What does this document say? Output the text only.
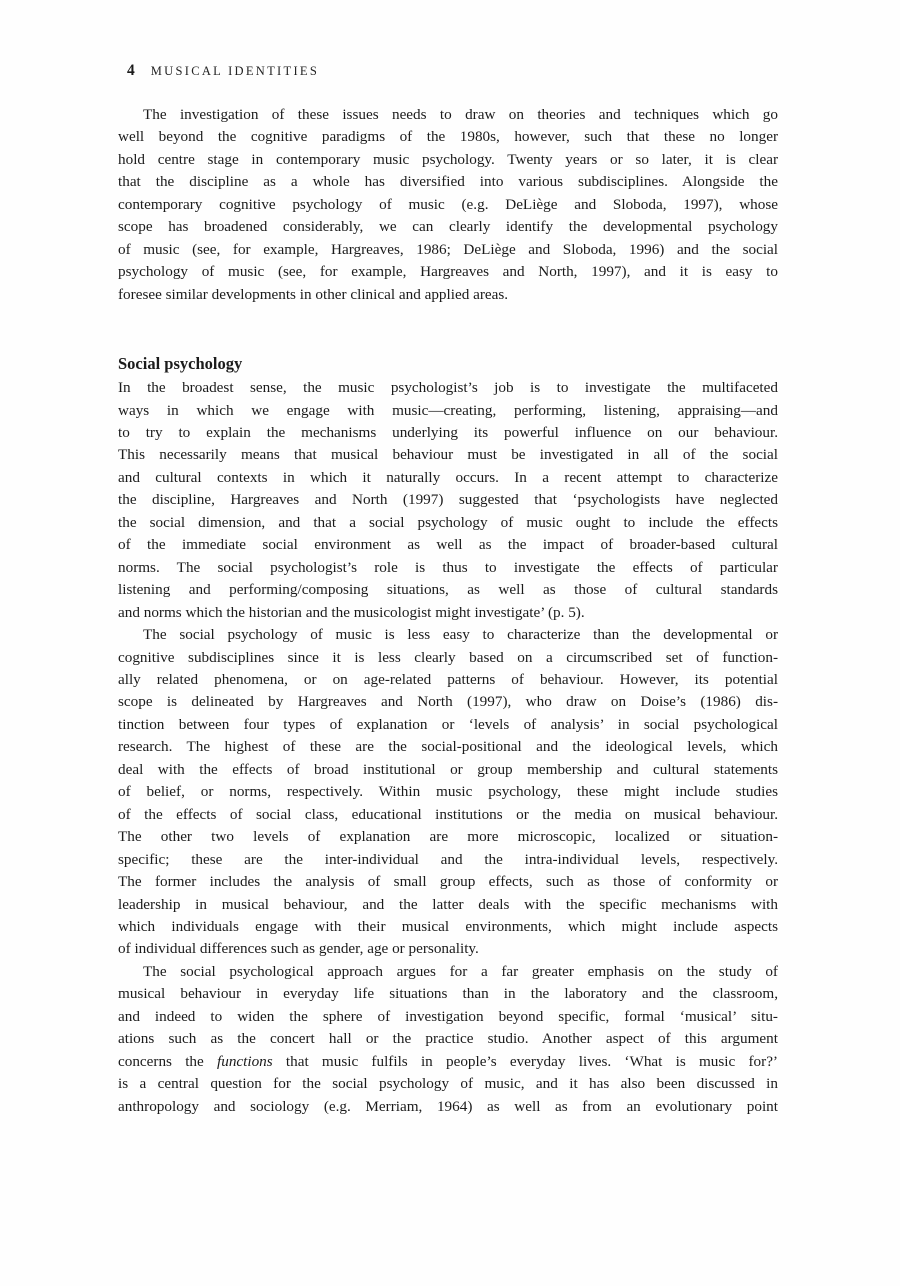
4 MUSICAL IDENTITIES
The investigation of these issues needs to draw on theories and techniques which go
well beyond the cognitive paradigms of the 1980s, however, such that these no longer
hold centre stage in contemporary music psychology. Twenty years or so later, it is clear
that the discipline as a whole has diversified into various subdisciplines. Alongside the
contemporary cognitive psychology of music (e.g. DeLiège and Sloboda, 1997), whose
scope has broadened considerably, we can clearly identify the developmental psychology
of music (see, for example, Hargreaves, 1986; DeLiège and Sloboda, 1996) and the social
psychology of music (see, for example, Hargreaves and North, 1997), and it is easy to
foresee similar developments in other clinical and applied areas.
Social psychology
In the broadest sense, the music psychologist’s job is to investigate the multifaceted
ways in which we engage with music—creating, performing, listening, appraising—and
to try to explain the mechanisms underlying its powerful influence on our behaviour.
This necessarily means that musical behaviour must be investigated in all of the social
and cultural contexts in which it naturally occurs. In a recent attempt to characterize
the discipline, Hargreaves and North (1997) suggested that ‘psychologists have neglected
the social dimension, and that a social psychology of music ought to include the effects
of the immediate social environment as well as the impact of broader-based cultural
norms. The social psychologist’s role is thus to investigate the effects of particular
listening and performing/composing situations, as well as those of cultural standards
and norms which the historian and the musicologist might investigate’ (p. 5).
The social psychology of music is less easy to characterize than the developmental or
cognitive subdisciplines since it is less clearly based on a circumscribed set of function-
ally related phenomena, or on age-related patterns of behaviour. However, its potential
scope is delineated by Hargreaves and North (1997), who draw on Doise’s (1986) dis-
tinction between four types of explanation or ‘levels of analysis’ in social psychological
research. The highest of these are the social-positional and the ideological levels, which
deal with the effects of broad institutional or group membership and cultural statements
of belief, or norms, respectively. Within music psychology, these might include studies
of the effects of social class, educational institutions or the media on musical behaviour.
The other two levels of explanation are more microscopic, localized or situation-
specific; these are the inter-individual and the intra-individual levels, respectively.
The former includes the analysis of small group effects, such as those of conformity or
leadership in musical behaviour, and the latter deals with the specific mechanisms with
which individuals engage with their musical environments, which might include aspects
of individual differences such as gender, age or personality.
The social psychological approach argues for a far greater emphasis on the study of
musical behaviour in everyday life situations than in the laboratory and the classroom,
and indeed to widen the sphere of investigation beyond specific, formal ‘musical’ situ-
ations such as the concert hall or the practice studio. Another aspect of this argument
concerns the functions that music fulfils in people’s everyday lives. ‘What is music for?’
is a central question for the social psychology of music, and it has also been discussed in
anthropology and sociology (e.g. Merriam, 1964) as well as from an evolutionary point
